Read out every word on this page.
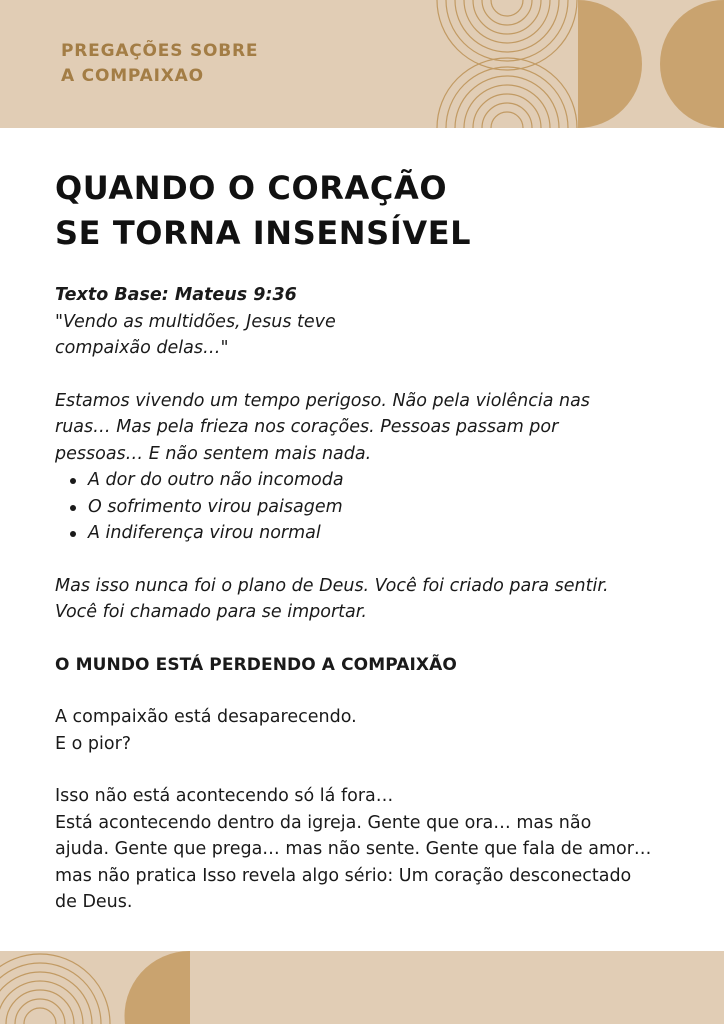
PREGAÇÕES SOBRE
A COMPAIXAO
QUANDO O CORAÇÃO
SE TORNA INSENSÍVEL

Texto Base: Mateus 9:36

"Vendo as multidões, Jesus teve

compaixão delas…"

Estamos vivendo um tempo perigoso. Não pela violência nas

ruas… Mas pela frieza nos corações. Pessoas passam por

pessoas… E não sentem mais nada.

A dor do outro não incomoda
O sofrimento virou paisagem
A indiferença virou normal

Mas isso nunca foi o plano de Deus. Você foi criado para sentir.

Você foi chamado para se importar.

O MUNDO ESTÁ PERDENDO A COMPAIXÃO

A compaixão está desaparecendo.

E o pior?

Isso não está acontecendo só lá fora…

Está acontecendo dentro da igreja. Gente que ora… mas não

ajuda. Gente que prega… mas não sente. Gente que fala de amor…

mas não pratica Isso revela algo sério: Um coração desconectado

de Deus.
